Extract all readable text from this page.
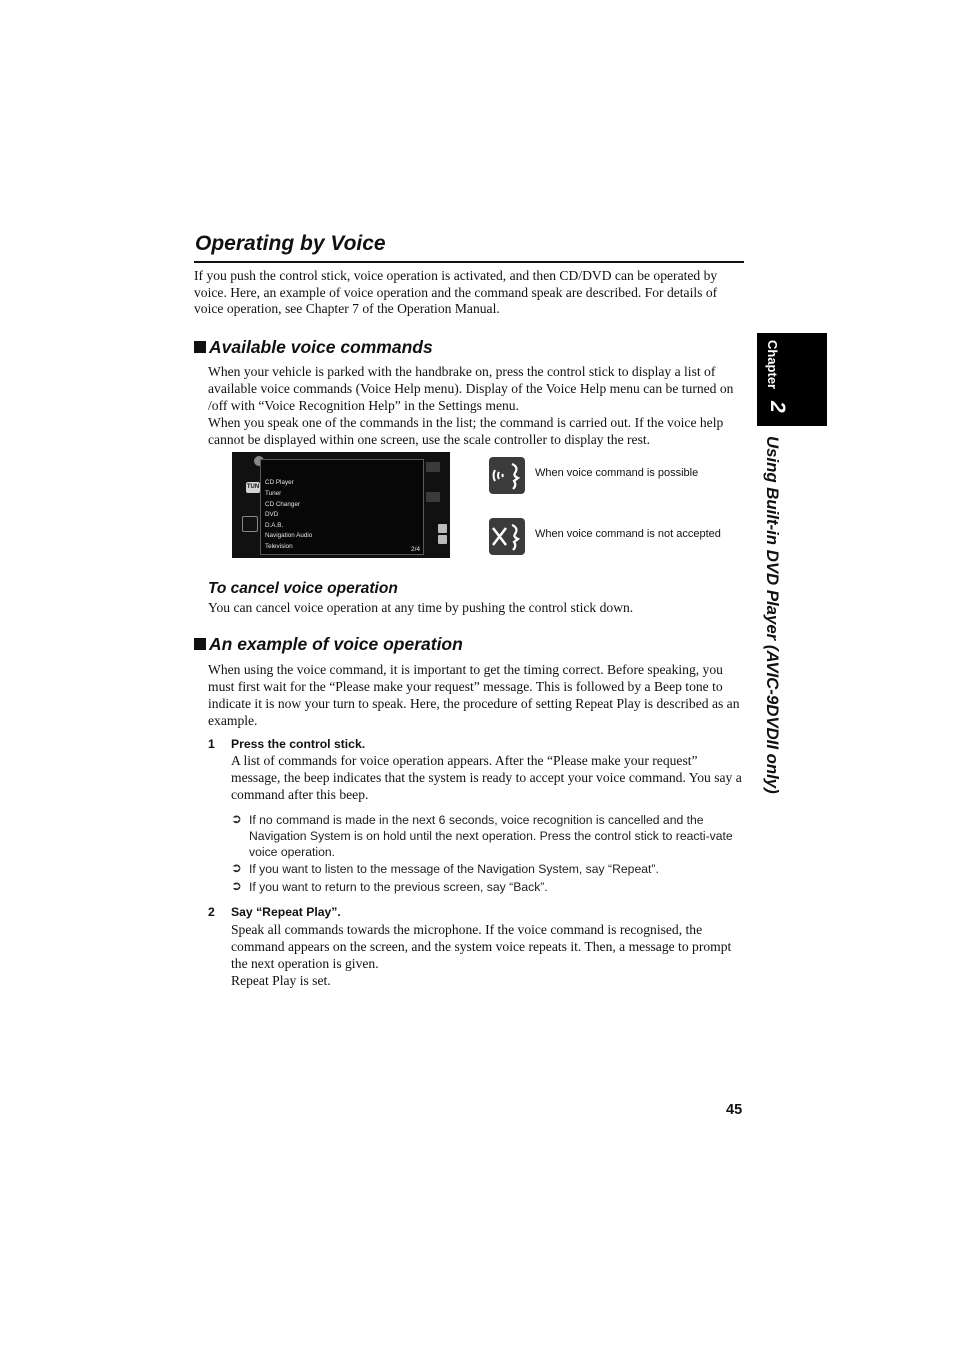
Operating by Voice
If you push the control stick, voice operation is activated, and then CD/DVD can be operated by voice. Here, an example of voice operation and the command speak are described. For details of voice operation, see Chapter 7 of the Operation Manual.
Available voice commands
When your vehicle is parked with the handbrake on, press the control stick to display a list of available voice commands (Voice Help menu). Display of the Voice Help menu can be turned on /off with “Voice Recognition Help” in the Settings menu.
When you speak one of the commands in the list; the command is carried out. If the voice help cannot be displayed within one screen, use the scale controller to display the rest.
TUN
CD Player
Tuner
CD Changer
DVD
D.A.B.
Navigation Audio
Television	2/4
When voice command is possible
When voice command is not accepted
To cancel voice operation
You can cancel voice operation at any time by pushing the control stick down.
An example of voice operation
When using the voice command, it is important to get the timing correct. Before speaking, you must first wait for the “Please make your request” message. This is followed by a Beep tone to indicate it is now your turn to speak. Here, the procedure of setting Repeat Play is described as an example.
1 Press the control stick.
A list of commands for voice operation appears. After the “Please make your request” message, the beep indicates that the system is ready to accept your voice command. You say a command after this beep.
➲ If no command is made in the next 6 seconds, voice recognition is cancelled and the Navigation System is on hold until the next operation. Press the control stick to reacti-vate voice operation.
➲ If you want to listen to the message of the Navigation System, say “Repeat”.
➲ If you want to return to the previous screen, say “Back”.
2 Say “Repeat Play”.
Speak all commands towards the microphone. If the voice command is recognised, the command appears on the screen, and the system voice repeats it. Then, a message to prompt the next operation is given.
Repeat Play is set.
Chapter
2
Using Built-in DVD Player (AVIC-9DVDII only)
45
